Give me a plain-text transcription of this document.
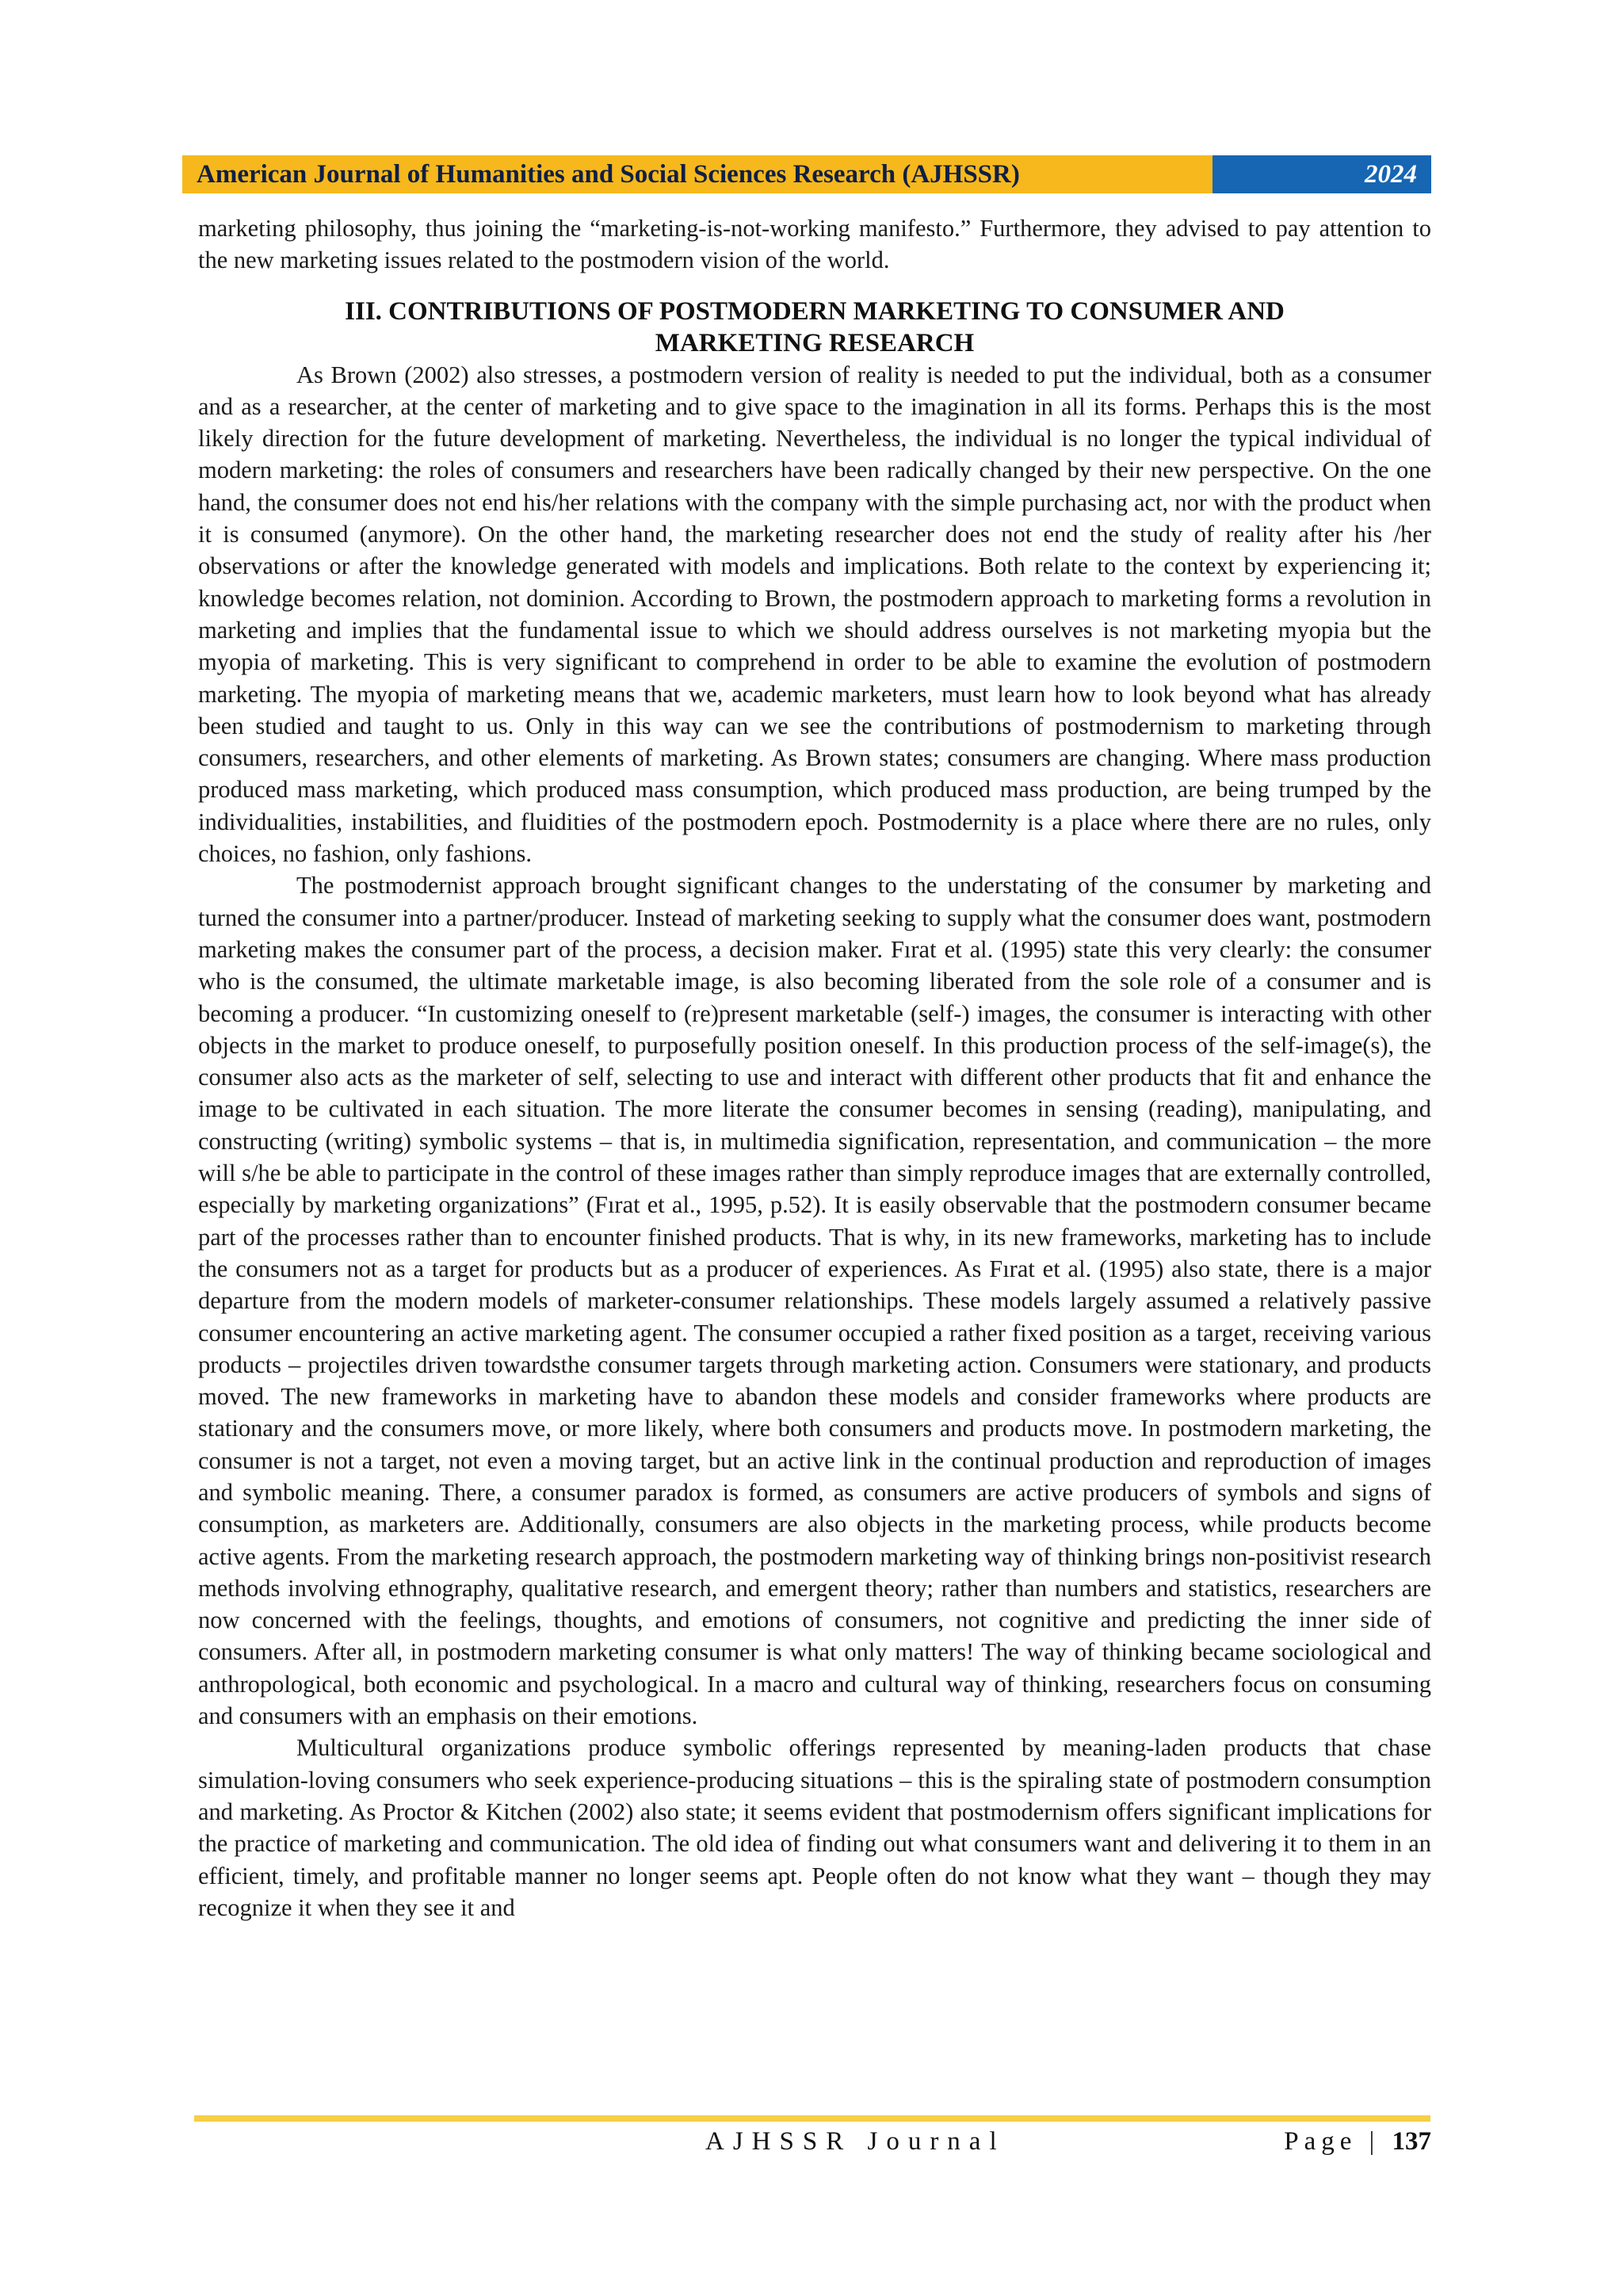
American Journal of Humanities and Social Sciences Research (AJHSSR)	2024

marketing philosophy, thus joining the “marketing-is-not-working manifesto.” Furthermore, they advised to pay attention to the new marketing issues related to the postmodern vision of the world.

III. CONTRIBUTIONS OF POSTMODERN MARKETING TO CONSUMER AND
MARKETING RESEARCH

As Brown (2002) also stresses, a postmodern version of reality is needed to put the individual, both as a consumer and as a researcher, at the center of marketing and to give space to the imagination in all its forms. Perhaps this is the most likely direction for the future development of marketing. Nevertheless, the individual is no longer the typical individual of modern marketing: the roles of consumers and researchers have been radically changed by their new perspective. On the one hand, the consumer does not end his/her relations with the company with the simple purchasing act, nor with the product when it is consumed (anymore). On the other hand, the marketing researcher does not end the study of reality after his /her observations or after the knowledge generated with models and implications. Both relate to the context by experiencing it; knowledge becomes relation, not dominion. According to Brown, the postmodern approach to marketing forms a revolution in marketing and implies that the fundamental issue to which we should address ourselves is not marketing myopia but the myopia of marketing. This is very significant to comprehend in order to be able to examine the evolution of postmodern marketing. The myopia of marketing means that we, academic marketers, must learn how to look beyond what has already been studied and taught to us. Only in this way can we see the contributions of postmodernism to marketing through consumers, researchers, and other elements of marketing. As Brown states; consumers are changing. Where mass production produced mass marketing, which produced mass consumption, which produced mass production, are being trumped by the individualities, instabilities, and fluidities of the postmodern epoch. Postmodernity is a place where there are no rules, only choices, no fashion, only fashions.

The postmodernist approach brought significant changes to the understating of the consumer by marketing and turned the consumer into a partner/producer. Instead of marketing seeking to supply what the consumer does want, postmodern marketing makes the consumer part of the process, a decision maker. Fırat et al. (1995) state this very clearly: the consumer who is the consumed, the ultimate marketable image, is also becoming liberated from the sole role of a consumer and is becoming a producer. “In customizing oneself to (re)present marketable (self-) images, the consumer is interacting with other objects in the market to produce oneself, to purposefully position oneself. In this production process of the self-image(s), the consumer also acts as the marketer of self, selecting to use and interact with different other products that fit and enhance the image to be cultivated in each situation. The more literate the consumer becomes in sensing (reading), manipulating, and constructing (writing) symbolic systems – that is, in multimedia signification, representation, and communication – the more will s/he be able to participate in the control of these images rather than simply reproduce images that are externally controlled, especially by marketing organizations” (Fırat et al., 1995, p.52). It is easily observable that the postmodern consumer became part of the processes rather than to encounter finished products. That is why, in its new frameworks, marketing has to include the consumers not as a target for products but as a producer of experiences. As Fırat et al. (1995) also state, there is a major departure from the modern models of marketer-consumer relationships. These models largely assumed a relatively passive consumer encountering an active marketing agent. The consumer occupied a rather fixed position as a target, receiving various products – projectiles driven towardsthe consumer targets through marketing action. Consumers were stationary, and products moved. The new frameworks in marketing have to abandon these models and consider frameworks where products are stationary and the consumers move, or more likely, where both consumers and products move. In postmodern marketing, the consumer is not a target, not even a moving target, but an active link in the continual production and reproduction of images and symbolic meaning. There, a consumer paradox is formed, as consumers are active producers of symbols and signs of consumption, as marketers are. Additionally, consumers are also objects in the marketing process, while products become active agents. From the marketing research approach, the postmodern marketing way of thinking brings non-positivist research methods involving ethnography, qualitative research, and emergent theory; rather than numbers and statistics, researchers are now concerned with the feelings, thoughts, and emotions of consumers, not cognitive and predicting the inner side of consumers. After all, in postmodern marketing consumer is what only matters! The way of thinking became sociological and anthropological, both economic and psychological. In a macro and cultural way of thinking, researchers focus on consuming and consumers with an emphasis on their emotions.

Multicultural organizations produce symbolic offerings represented by meaning-laden products that chase simulation-loving consumers who seek experience-producing situations – this is the spiraling state of postmodern consumption and marketing. As Proctor & Kitchen (2002) also state; it seems evident that postmodernism offers significant implications for the practice of marketing and communication. The old idea of finding out what consumers want and delivering it to them in an efficient, timely, and profitable manner no longer seems apt. People often do not know what they want – though they may recognize it when they see it and

AJHSSR Journal	Page | 137
